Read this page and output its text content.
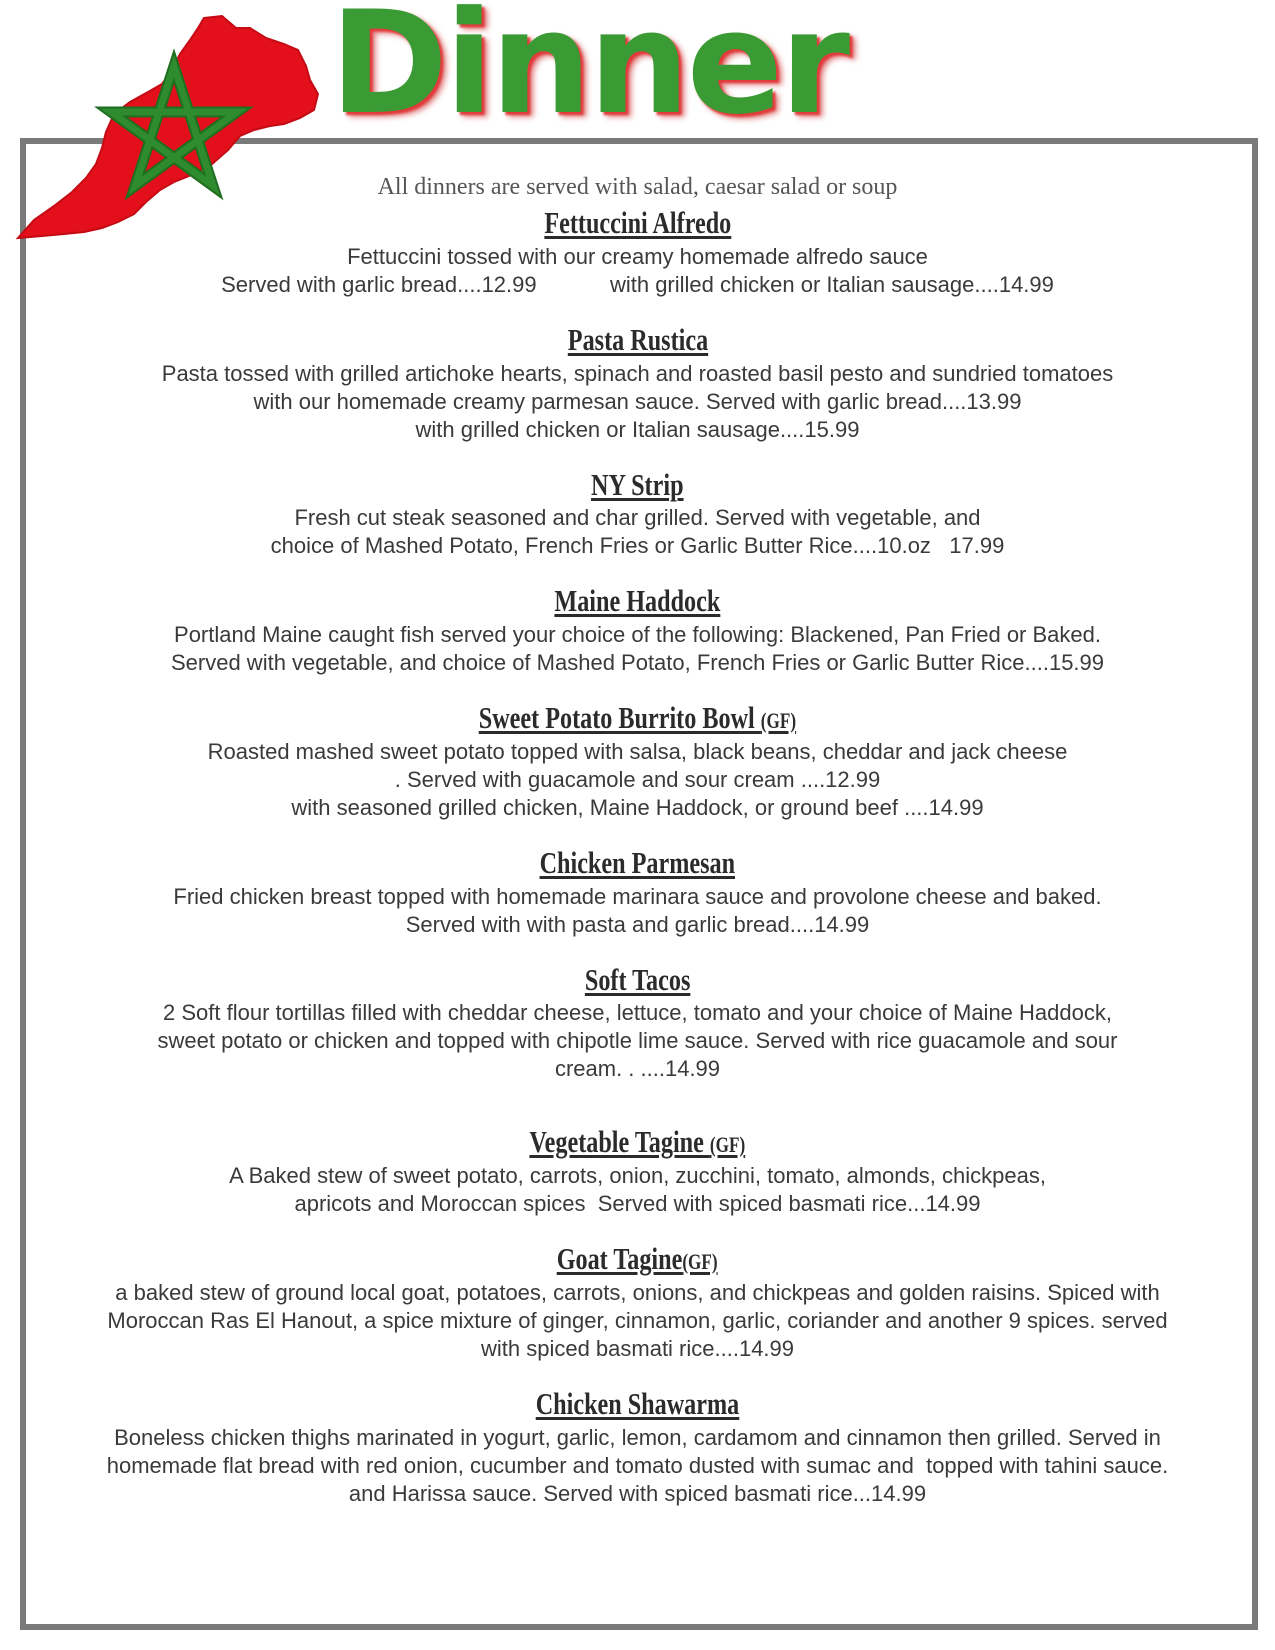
Dinner
All dinners are served with salad, caesar salad or soup
Fettuccini Alfredo
Fettuccini tossed with our creamy homemade alfredo sauce
Served with garlic bread....12.99            with grilled chicken or Italian sausage....14.99
Pasta Rustica
Pasta tossed with grilled artichoke hearts, spinach and roasted basil pesto and sundried tomatoes
with our homemade creamy parmesan sauce. Served with garlic bread....13.99
with grilled chicken or Italian sausage....15.99
NY Strip
Fresh cut steak seasoned and char grilled. Served with vegetable, and
choice of Mashed Potato, French Fries or Garlic Butter Rice....10.oz   17.99
Maine Haddock
Portland Maine caught fish served your choice of the following: Blackened, Pan Fried or Baked.
Served with vegetable, and choice of Mashed Potato, French Fries or Garlic Butter Rice....15.99
Sweet Potato Burrito Bowl (GF)
Roasted mashed sweet potato topped with salsa, black beans, cheddar and jack cheese
. Served with guacamole and sour cream ....12.99
with seasoned grilled chicken, Maine Haddock, or ground beef ....14.99
Chicken Parmesan
Fried chicken breast topped with homemade marinara sauce and provolone cheese and baked.
Served with with pasta and garlic bread....14.99
Soft Tacos
2 Soft flour tortillas filled with cheddar cheese, lettuce, tomato and your choice of Maine Haddock,
sweet potato or chicken and topped with chipotle lime sauce. Served with rice guacamole and sour
cream. . ....14.99
Vegetable Tagine (GF)
A Baked stew of sweet potato, carrots, onion, zucchini, tomato, almonds, chickpeas,
apricots and Moroccan spices  Served with spiced basmati rice...14.99
Goat Tagine(GF)
a baked stew of ground local goat, potatoes, carrots, onions, and chickpeas and golden raisins. Spiced with
Moroccan Ras El Hanout, a spice mixture of ginger, cinnamon, garlic, coriander and another 9 spices. served
with spiced basmati rice....14.99
Chicken Shawarma
Boneless chicken thighs marinated in yogurt, garlic, lemon, cardamom and cinnamon then grilled. Served in
homemade flat bread with red onion, cucumber and tomato dusted with sumac and  topped with tahini sauce.
and Harissa sauce. Served with spiced basmati rice...14.99
